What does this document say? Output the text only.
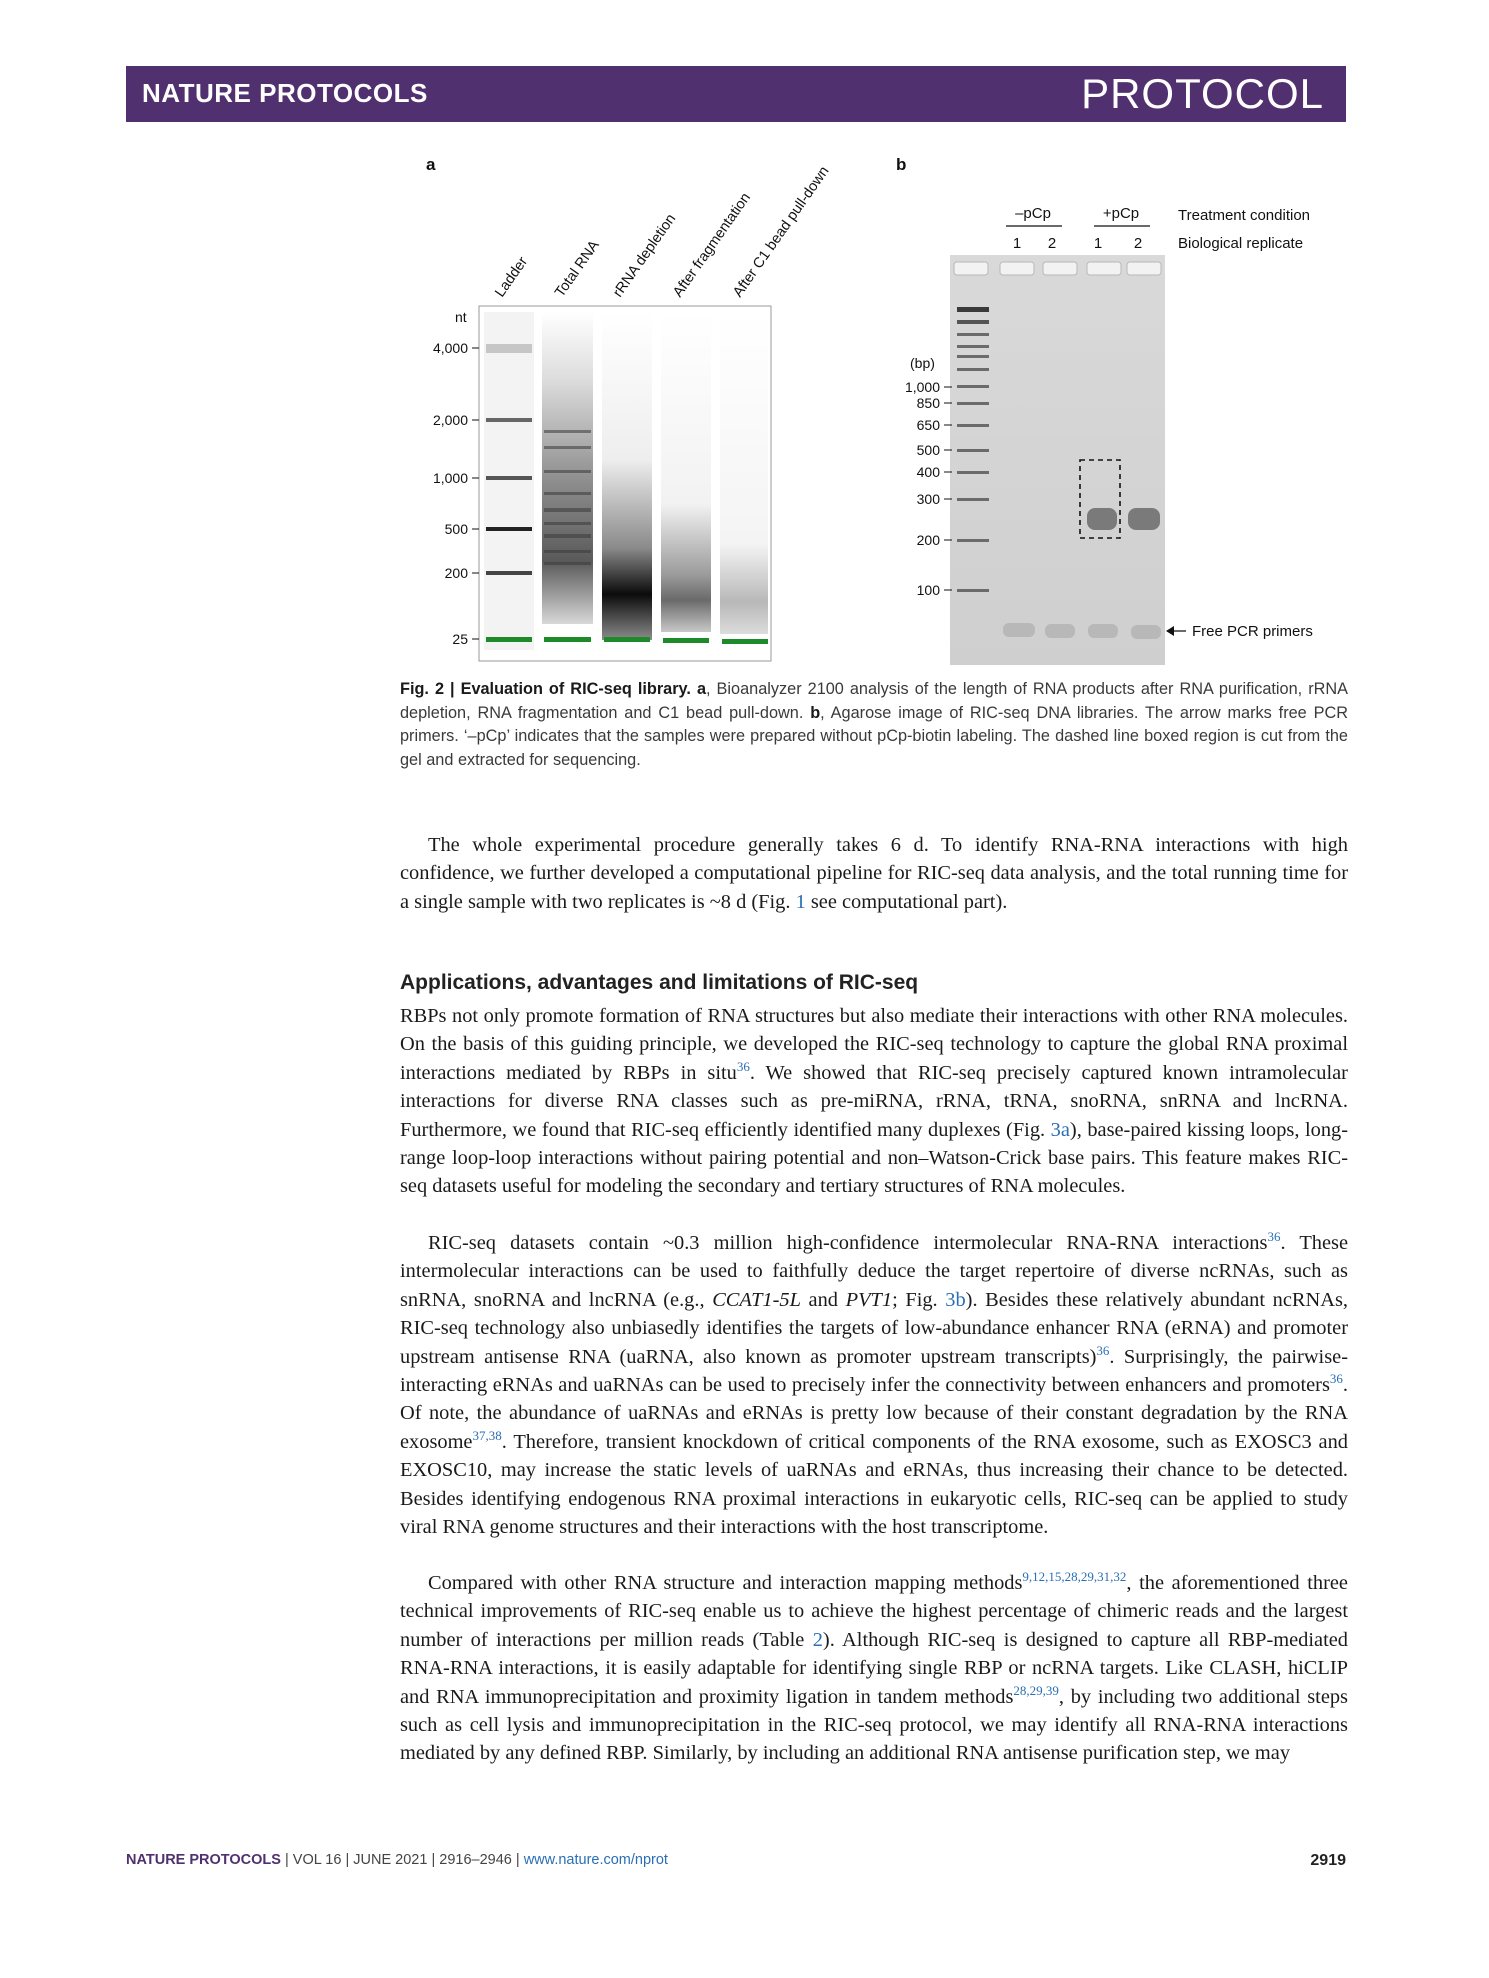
NATURE PROTOCOLS	PROTOCOL
a
Ladder Total RNA rRNA depletion
After fragmentation
After C1 bead pull-down
nt
4,000
2,000
1,000
500
200
25
b
–pCp	+pCp
1 2	1 2
Treatment condition
Biological replicate
(bp)
1,000
850
650
500
400
300
200
100
Free PCR primers
Fig. 2 | Evaluation of RIC-seq library. a, Bioanalyzer 2100 analysis of the length of RNA products after RNA purification, rRNA depletion, RNA fragmentation and C1 bead pull-down. b, Agarose image of RIC-seq DNA libraries. The arrow marks free PCR primers. ‘–pCp’ indicates that the samples were prepared without pCp-biotin labeling. The dashed line boxed region is cut from the gel and extracted for sequencing.

The whole experimental procedure generally takes 6 d. To identify RNA-RNA interactions with high confidence, we further developed a computational pipeline for RIC-seq data analysis, and the total running time for a single sample with two replicates is ~8 d (Fig. 1 see computational part).

Applications, advantages and limitations of RIC-seq

RBPs not only promote formation of RNA structures but also mediate their interactions with other RNA molecules. On the basis of this guiding principle, we developed the RIC-seq technology to capture the global RNA proximal interactions mediated by RBPs in situ$^{36}$. We showed that RIC-seq precisely captured known intramolecular interactions for diverse RNA classes such as pre-miRNA, rRNA, tRNA, snoRNA, snRNA and lncRNA. Furthermore, we found that RIC-seq efficiently identified many duplexes (Fig. 3a), base-paired kissing loops, long-range loop-loop interactions without pairing potential and non–Watson-Crick base pairs. This feature makes RIC-seq datasets useful for modeling the secondary and tertiary structures of RNA molecules.

RIC-seq datasets contain ~0.3 million high-confidence intermolecular RNA-RNA interactions$^{36}$. These intermolecular interactions can be used to faithfully deduce the target repertoire of diverse ncRNAs, such as snRNA, snoRNA and lncRNA (e.g., CCAT1-5L and PVT1; Fig. 3b). Besides these relatively abundant ncRNAs, RIC-seq technology also unbiasedly identifies the targets of low-abundance enhancer RNA (eRNA) and promoter upstream antisense RNA (uaRNA, also known as promoter upstream transcripts)$^{36}$. Surprisingly, the pairwise-interacting eRNAs and uaRNAs can be used to precisely infer the connectivity between enhancers and promoters$^{36}$. Of note, the abundance of uaRNAs and eRNAs is pretty low because of their constant degradation by the RNA exosome$^{37,38}$. Therefore, transient knockdown of critical components of the RNA exosome, such as EXOSC3 and EXOSC10, may increase the static levels of uaRNAs and eRNAs, thus increasing their chance to be detected. Besides identifying endogenous RNA proximal interactions in eukaryotic cells, RIC-seq can be applied to study viral RNA genome structures and their interactions with the host transcriptome.

Compared with other RNA structure and interaction mapping methods$^{9,12,15,28,29,31,32}$, the aforementioned three technical improvements of RIC-seq enable us to achieve the highest percentage of chimeric reads and the largest number of interactions per million reads (Table 2). Although RIC-seq is designed to capture all RBP-mediated RNA-RNA interactions, it is easily adaptable for identifying single RBP or ncRNA targets. Like CLASH, hiCLIP and RNA immunoprecipitation and proximity ligation in tandem methods$^{28,29,39}$, by including two additional steps such as cell lysis and immunoprecipitation in the RIC-seq protocol, we may identify all RNA-RNA interactions mediated by any defined RBP. Similarly, by including an additional RNA antisense purification step, we may

NATURE PROTOCOLS | VOL 16 | JUNE 2021 | 2916–2946 | www.nature.com/nprot	2919
